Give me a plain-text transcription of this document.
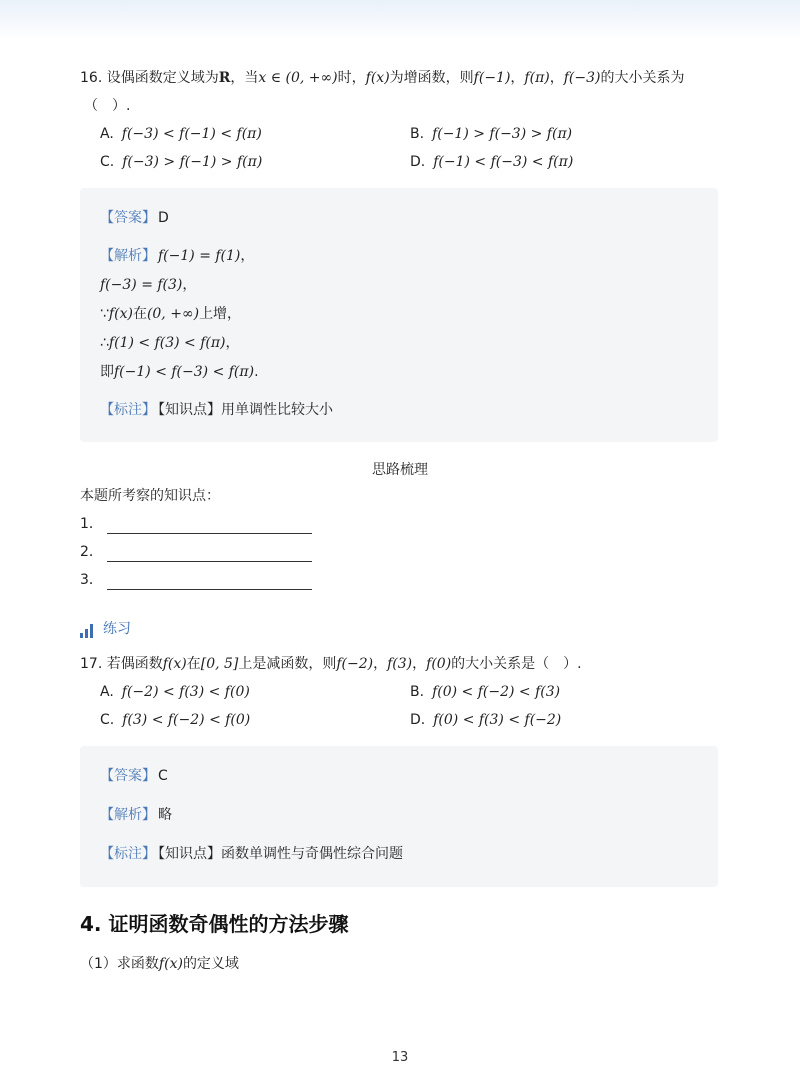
16. 设偶函数定义域为R，当x ∈ (0, +∞)时，f(x)为增函数，则f(−1)，f(π)，f(−3)的大小关系为
（　）.
A. f(−3) < f(−1) < f(π)	B. f(−1) > f(−3) > f(π)
C. f(−3) > f(−1) > f(π)	D. f(−1) < f(−3) < f(π)
【答案】 D
【解析】 f(−1) = f(1)，
f(−3) = f(3)，
∵f(x)在(0, +∞)上增，
∴f(1) < f(3) < f(π)，
即f(−1) < f(−3) < f(π).
【标注】 【知识点】用单调性比较大小
思路梳理
本题所考察的知识点：
1．
2．
3．
练习
17. 若偶函数f(x)在[0, 5]上是减函数，则f(−2)，f(3)，f(0)的大小关系是（　）.
A. f(−2) < f(3) < f(0)	B. f(0) < f(−2) < f(3)
C. f(3) < f(−2) < f(0)	D. f(0) < f(3) < f(−2)
【答案】 C
【解析】 略
【标注】 【知识点】函数单调性与奇偶性综合问题
4. 证明函数奇偶性的方法步骤
（1）求函数f(x)的定义域
13
